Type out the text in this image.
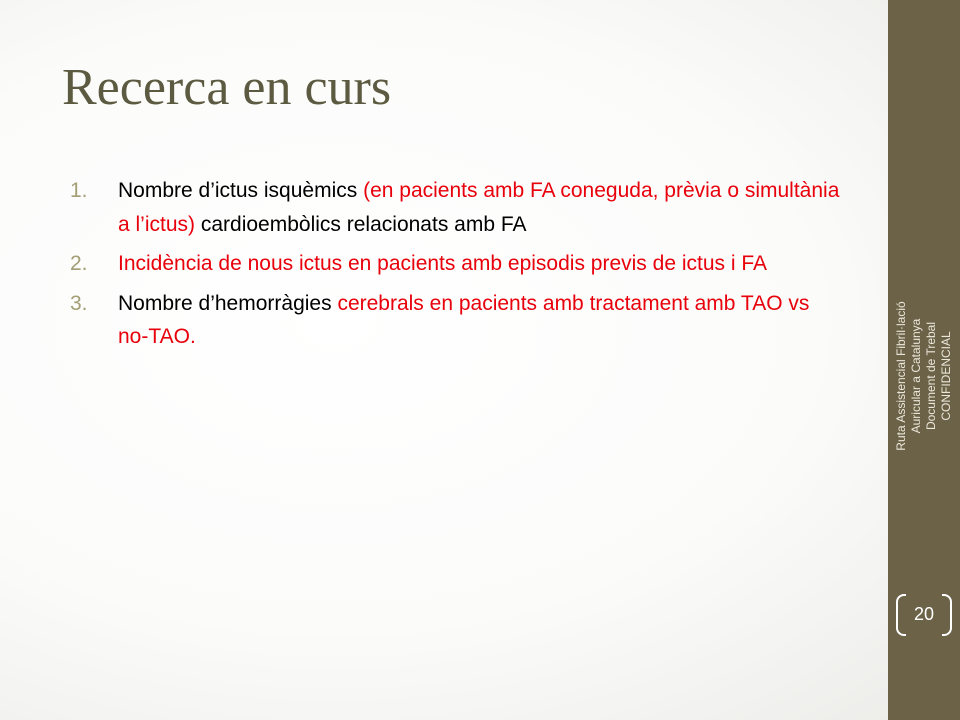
Recerca en curs
1. Nombre d’ictus isquèmics (en pacients amb FA coneguda, prèvia o simultània a l’ictus) cardioembòlics relacionats amb FA
2. Incidència de nous ictus en pacients amb episodis previs de ictus i FA
3. Nombre d’hemorràgies cerebrals en pacients amb tractament amb TAO vs no-TAO.
Ruta Assistencial Fibril·lació
Auricular a Catalunya
Document de Trebal
CONFIDENCIAL
20
